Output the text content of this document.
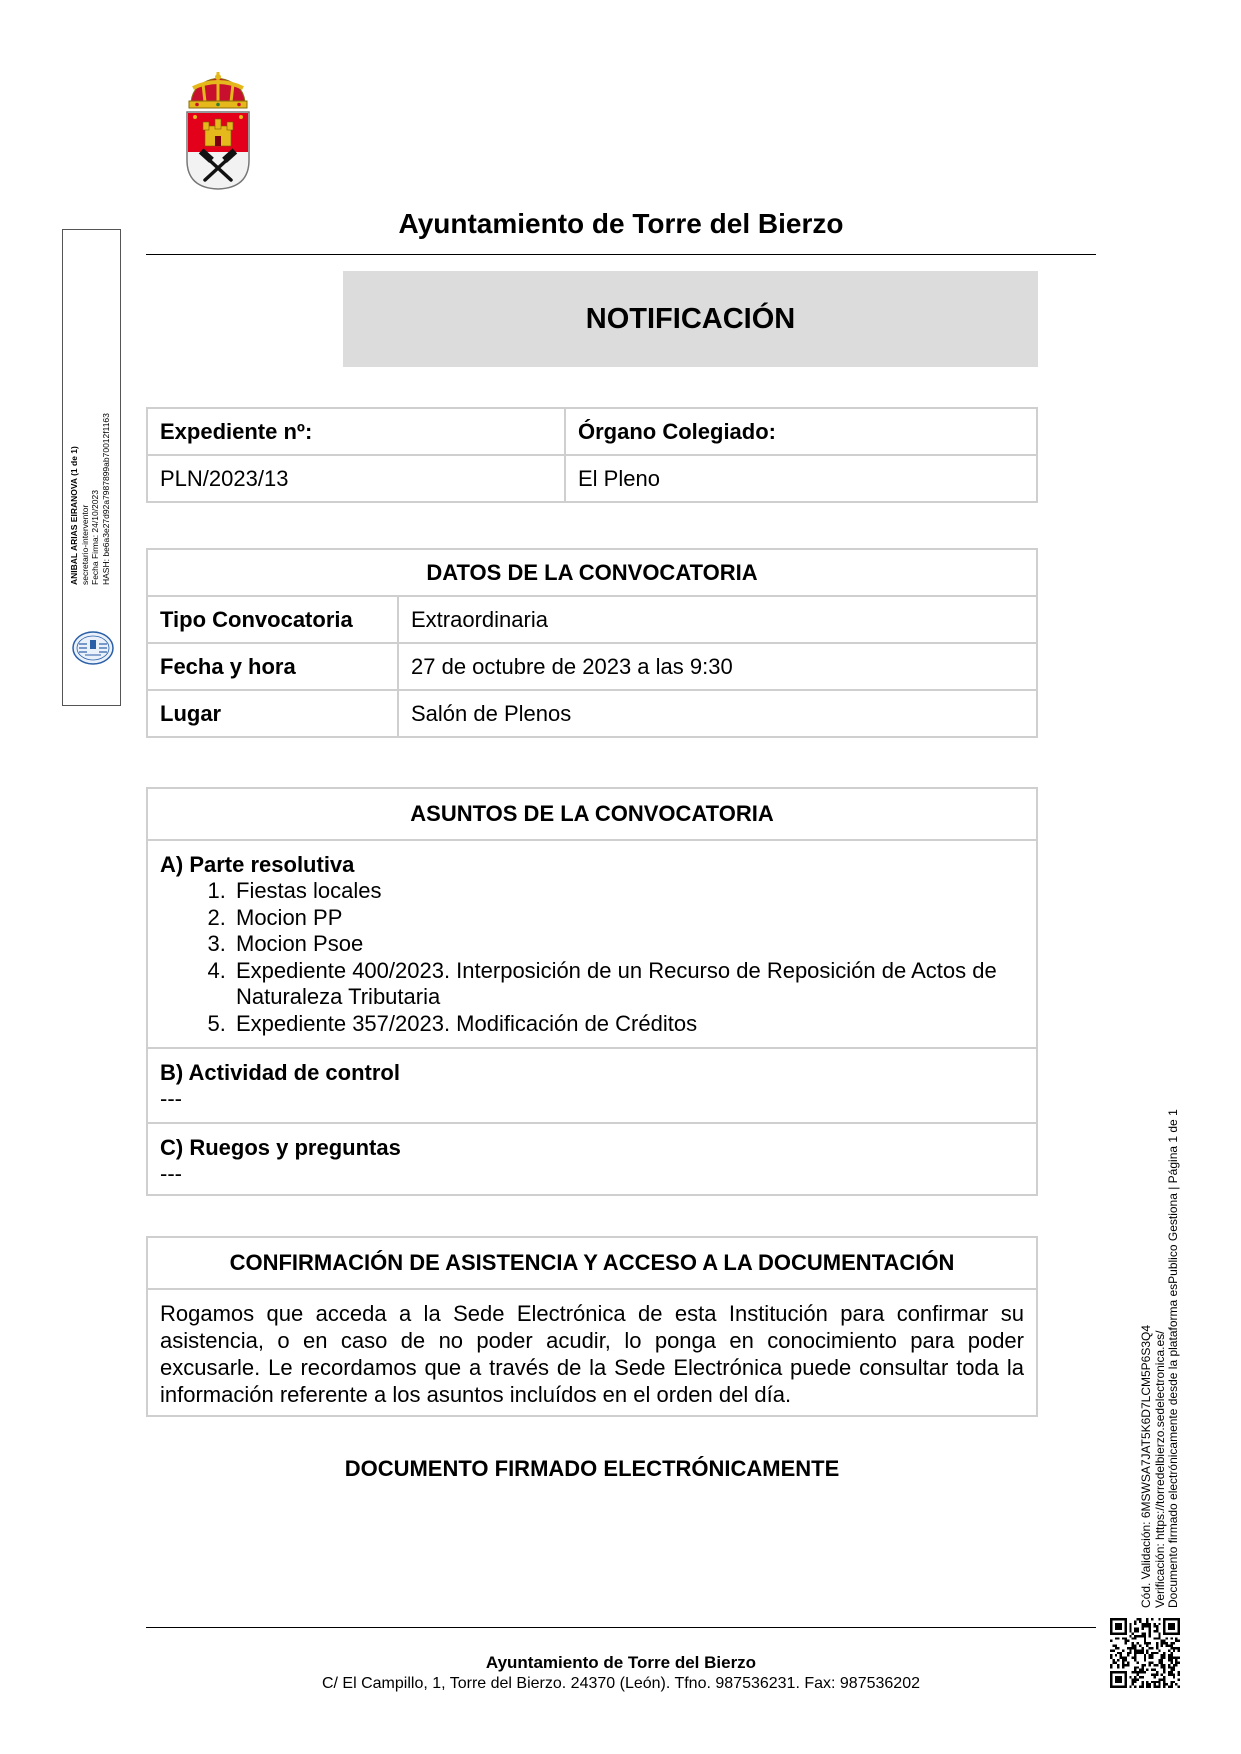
Ayuntamiento de Torre del Bierzo
NOTIFICACIÓN
Expediente nº:	Órgano Colegiado:
PLN/2023/13	El Pleno
DATOS DE LA CONVOCATORIA	
Tipo Convocatoria	Extraordinaria
Fecha y hora	27 de octubre de 2023 a las 9:30
Lugar	Salón de Plenos
ASUNTOS DE LA CONVOCATORIA
A) Parte resolutiva
1. Fiestas locales
2. Mocion PP
3. Mocion Psoe
4. Expediente 400/2023. Interposición de un Recurso de Reposición de Actos de Naturaleza Tributaria
5. Expediente 357/2023. Modificación de Créditos
B) Actividad de control
---
C) Ruegos y preguntas
---
CONFIRMACIÓN DE ASISTENCIA Y ACCESO A LA DOCUMENTACIÓN
Rogamos que acceda a la Sede Electrónica de esta Institución para confirmar su asistencia, o en caso de no poder acudir, lo ponga en conocimiento para poder excusarle. Le recordamos que a través de la Sede Electrónica puede consultar toda la información referente a los asuntos incluídos en el orden del día.
DOCUMENTO FIRMADO ELECTRÓNICAMENTE
Ayuntamiento de Torre del Bierzo
C/ El Campillo, 1, Torre del Bierzo. 24370 (León). Tfno. 987536231. Fax: 987536202
ANIBAL ARIAS EIRANOVA (1 de 1) secretario-interventor Fecha Firma: 24/10/2023 HASH: be6a3e27d92a7987899ab70012f1163
Cód. Validación: 6MSWSA7JAT5K6D7LCM5P6S3Q4 Verificación: https://torredelbierzo.sedelectronica.es/ Documento firmado electrónicamente desde la plataforma esPublico Gestiona | Página 1 de 1
